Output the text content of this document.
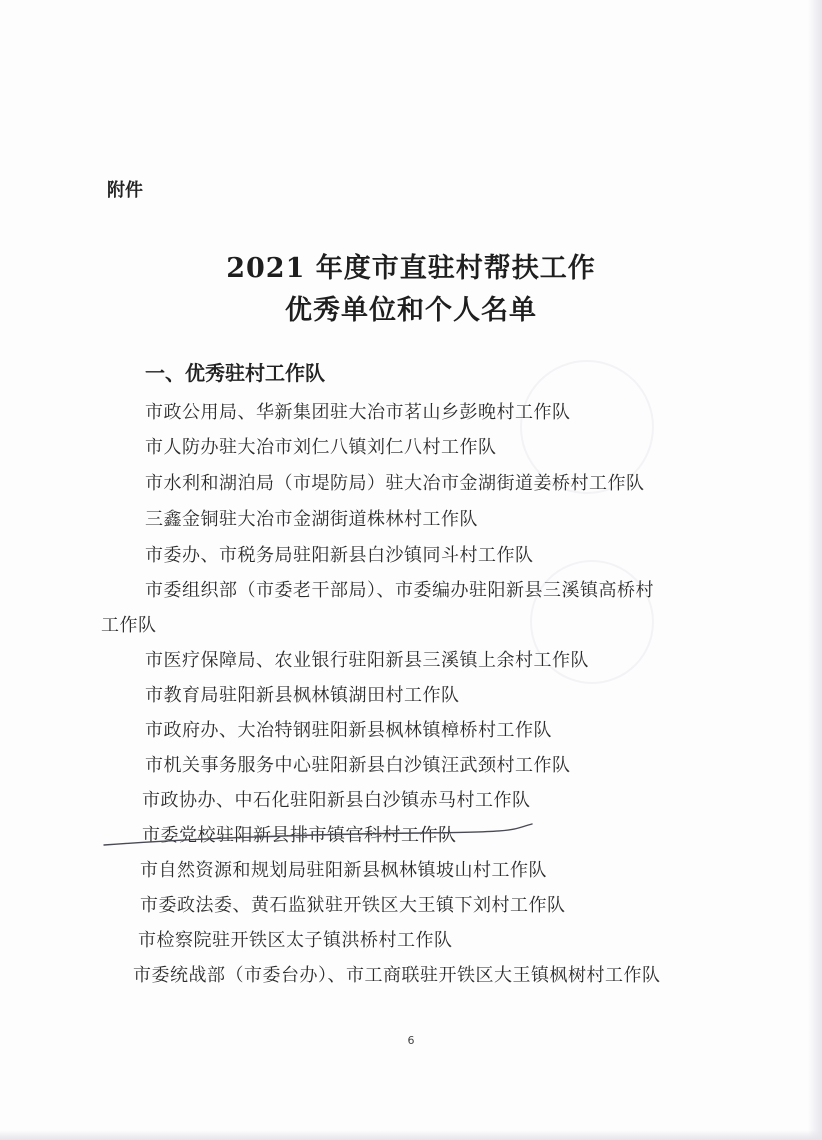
附件
2021 年度市直驻村帮扶工作
优秀单位和个人名单
一、优秀驻村工作队
市政公用局、华新集团驻大冶市茗山乡彭晚村工作队
市人防办驻大冶市刘仁八镇刘仁八村工作队
市水利和湖泊局（市堤防局）驻大冶市金湖街道姜桥村工作队
三鑫金铜驻大冶市金湖街道株林村工作队
市委办、市税务局驻阳新县白沙镇同斗村工作队
市委组织部（市委老干部局）、市委编办驻阳新县三溪镇高桥村
工作队
市医疗保障局、农业银行驻阳新县三溪镇上余村工作队
市教育局驻阳新县枫林镇湖田村工作队
市政府办、大冶特钢驻阳新县枫林镇樟桥村工作队
市机关事务服务中心驻阳新县白沙镇汪武颈村工作队
市政协办、中石化驻阳新县白沙镇赤马村工作队
市委党校驻阳新县排市镇官科村工作队
市自然资源和规划局驻阳新县枫林镇坡山村工作队
市委政法委、黄石监狱驻开铁区大王镇下刘村工作队
市检察院驻开铁区太子镇洪桥村工作队
市委统战部（市委台办）、市工商联驻开铁区大王镇枫树村工作队
6
